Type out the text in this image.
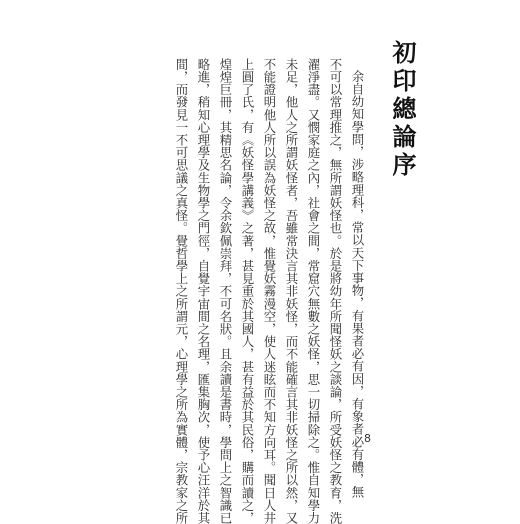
初印總論序
余自幼知學問，涉略理科，常以天下事物，有果者必有因，有象者必有體，無
不可以常理推之，無所謂妖怪也。於是將幼年所聞怪妖之談論，所受妖怪之教育，洗
濯淨盡。又憫家庭之內，社會之間，常窟穴無數之妖怪，思一切掃除之。惟自知學力
未足，他人之所謂妖怪者，吾雖常決言其非妖怪，而不能確言其非妖怪之所以然，又
不能證明他人所以誤為妖怪之故，惟覺妖霧漫空，使人迷眩而不知方向耳。聞日人井
上圓了氏，有《妖怪學講義》之著，甚見重於其國人，甚有益於其民俗，購而讀之，
煌煌巨冊，其精思名論，令余欽佩崇拜，不可名狀。且余讀是書時，學問上之智識已
略進，稍知心理學及生物學之門徑，自覺宇宙間之名理，匯集胸次，使予心汪洋於其
間，而發見一不可思議之真怪。覺哲學上之所謂元，心理學之所為實體，宗教家之所	8
